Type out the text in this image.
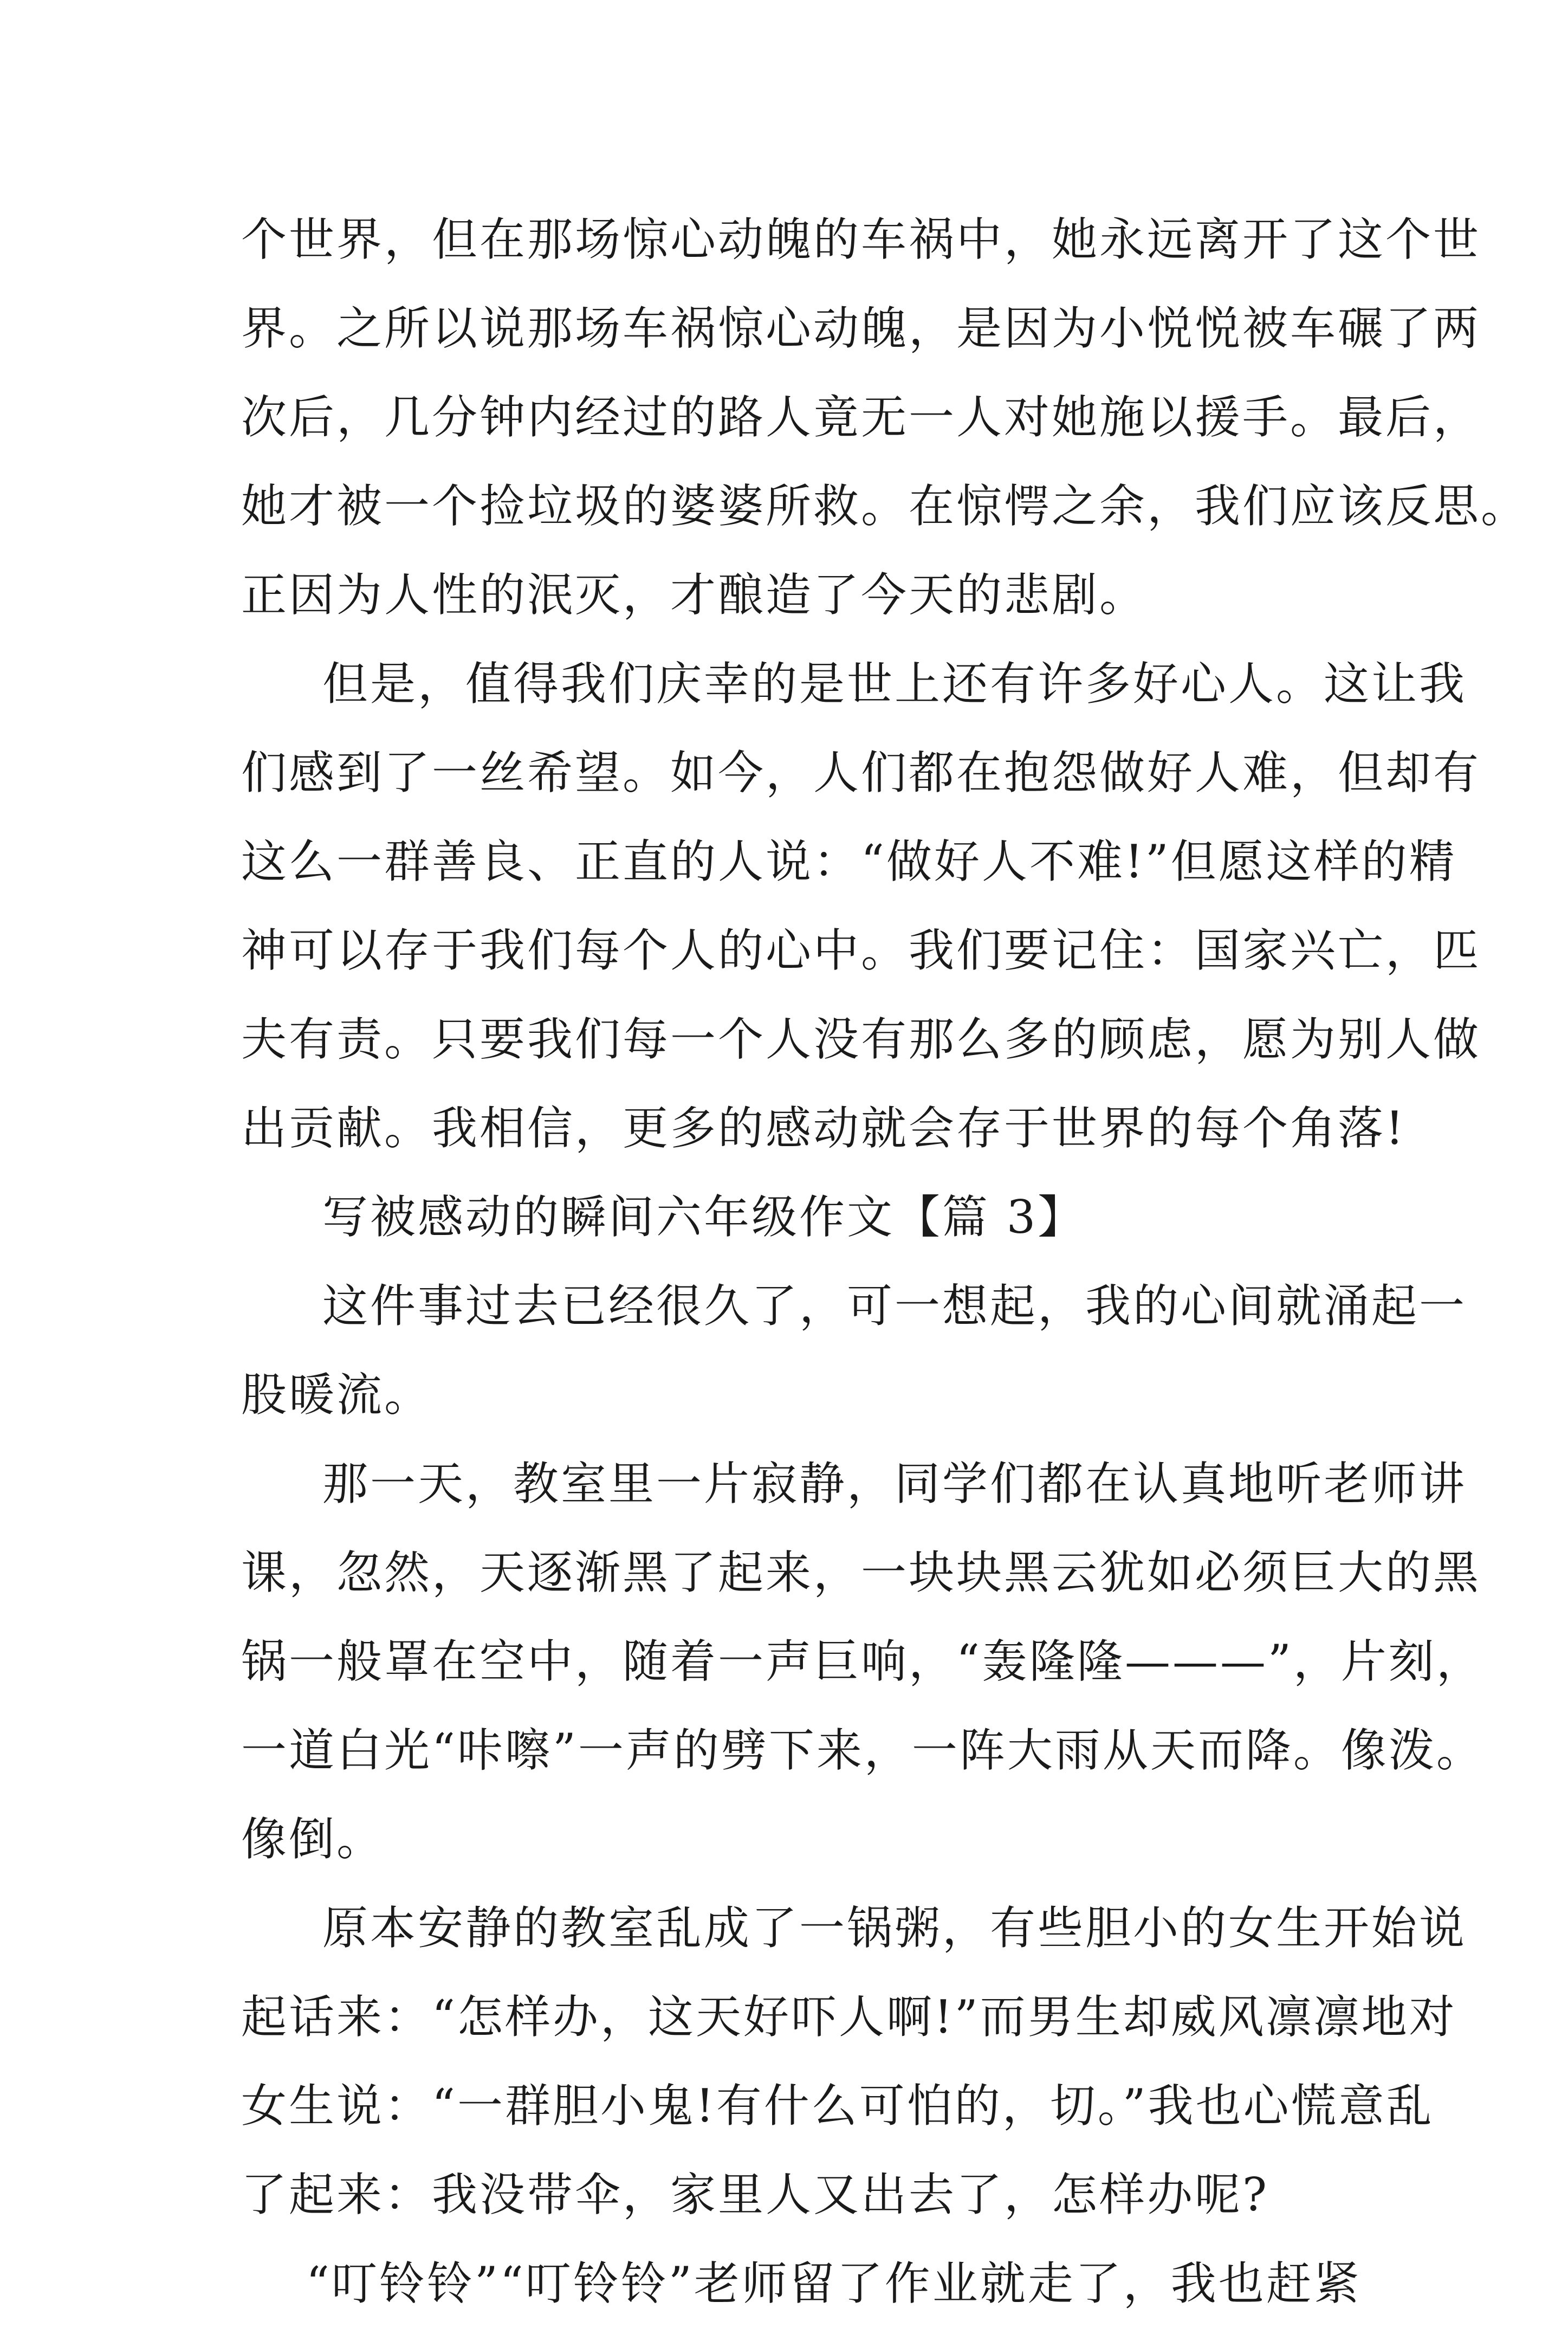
个世界，但在那场惊心动魄的车祸中，她永远离开了这个世
界。之所以说那场车祸惊心动魄，是因为小悦悦被车碾了两
次后，几分钟内经过的路人竟无一人对她施以援手。最后，
她才被一个捡垃圾的婆婆所救。在惊愕之余，我们应该反思。
正因为人性的泯灭，才酿造了今天的悲剧。
但是，值得我们庆幸的是世上还有许多好心人。这让我
们感到了一丝希望。如今，人们都在抱怨做好人难，但却有
这么一群善良、正直的人说：“做好人不难!”但愿这样的精
神可以存于我们每个人的心中。我们要记住：国家兴亡，匹
夫有责。只要我们每一个人没有那么多的顾虑，愿为别人做
出贡献。我相信，更多的感动就会存于世界的每个角落!
写被感动的瞬间六年级作文【篇 3】
这件事过去已经很久了，可一想起，我的心间就涌起一
股暖流。
那一天，教室里一片寂静，同学们都在认真地听老师讲
课，忽然，天逐渐黑了起来，一块块黑云犹如必须巨大的黑
锅一般罩在空中，随着一声巨响，“轰隆隆———”，片刻，
一道白光“咔嚓”一声的劈下来，一阵大雨从天而降。像泼。
像倒。
原本安静的教室乱成了一锅粥，有些胆小的女生开始说
起话来：“怎样办，这天好吓人啊!”而男生却威风凛凛地对
女生说：“一群胆小鬼!有什么可怕的，切。”我也心慌意乱
了起来：我没带伞，家里人又出去了，怎样办呢?
“叮铃铃”“叮铃铃”老师留了作业就走了，我也赶紧
